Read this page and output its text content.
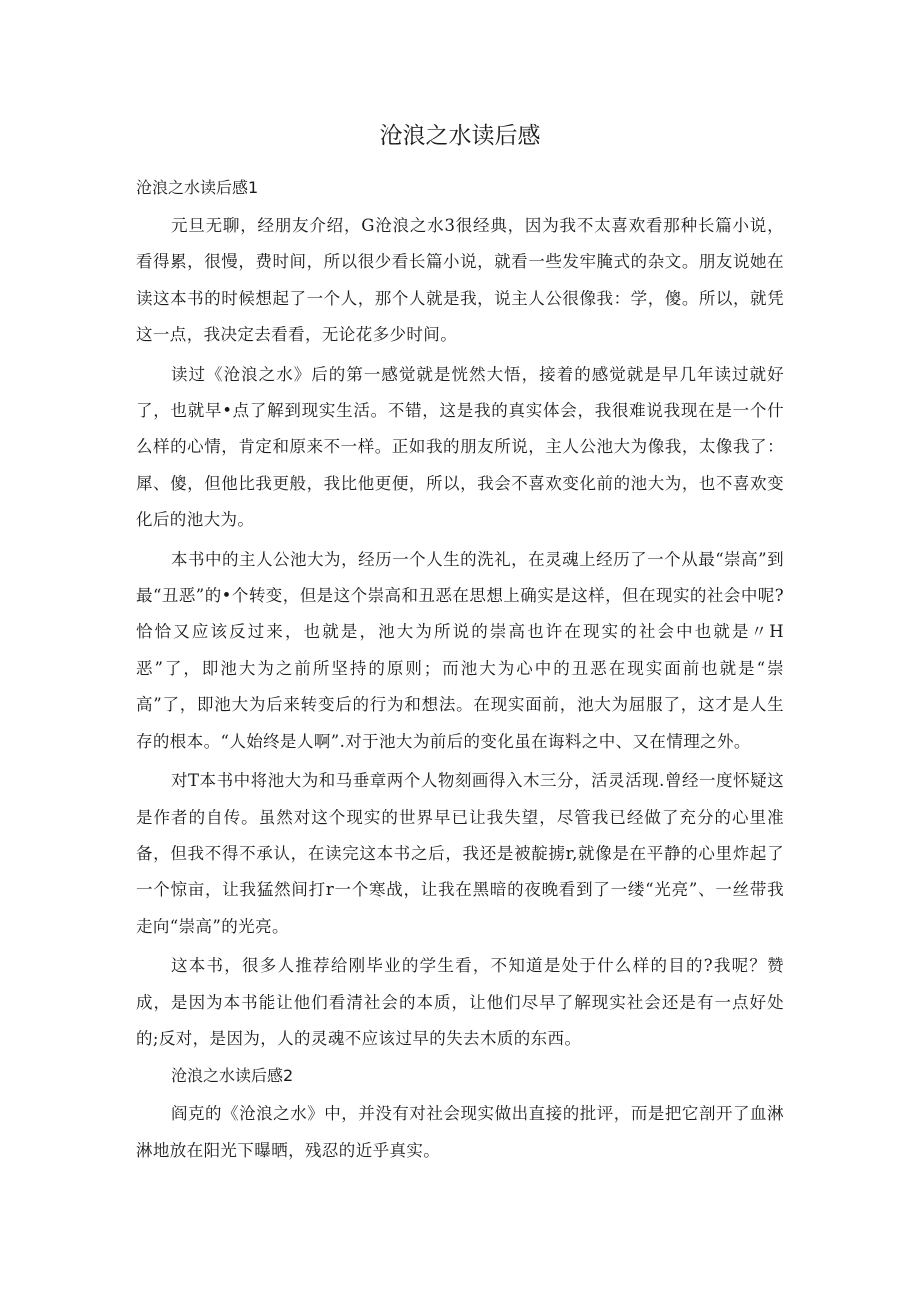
沧浪之水读后感
沧浪之水读后感1

元旦无聊，经朋友介绍，G沧浪之水3很经典，因为我不太喜欢看那种长篇小说，看得累，很慢，费时间，所以很少看长篇小说，就看一些发牢腌式的杂文。朋友说她在读这本书的时候想起了一个人，那个人就是我，说主人公很像我：学，傻。所以，就凭这一点，我决定去看看，无论花多少时间。

读过《沧浪之水》后的第一感觉就是恍然大悟，接着的感觉就是早几年读过就好了，也就早•点了解到现实生活。不错，这是我的真实体会，我很难说我现在是一个什么样的心情，肯定和原来不一样。正如我的朋友所说，主人公池大为像我，太像我了：犀、傻，但他比我更般，我比他更便，所以，我会不喜欢变化前的池大为，也不喜欢变化后的池大为。

本书中的主人公池大为，经历一个人生的洗礼，在灵魂上经历了一个从最“崇高”到最“丑恶”的•个转变，但是这个崇高和丑恶在思想上确实是这样，但在现实的社会中呢?恰恰又应该反过来，也就是，池大为所说的崇高也许在现实的社会中也就是〃H恶”了，即池大为之前所坚持的原则；而池大为心中的丑恶在现实面前也就是“崇高”了，即池大为后来转变后的行为和想法。在现实面前，池大为屈服了，这才是人生存的根本。“人始终是人啊”.对于池大为前后的变化虽在诲料之中、又在情理之外。

对T本书中将池大为和马垂章两个人物刻画得入木三分，活灵活现.曾经一度怀疑这是作者的自传。虽然对这个现实的世界早已让我失望，尽管我已经做了充分的心里准备，但我不得不承认，在读完这本书之后，我还是被靛掳r,就像是在平静的心里炸起了一个惊亩，让我猛然间打r一个寒战，让我在黑暗的夜晚看到了一缕“光亮”、一丝带我走向“崇高”的光亮。

这本书，很多人推荐给刚毕业的学生看，不知道是处于什么样的目的?我呢？赞成，是因为本书能让他们看清社会的本质，让他们尽早了解现实社会还是有一点好处的;反对，是因为，人的灵魂不应该过早的失去木质的东西。

沧浪之水读后感2

阎克的《沧浪之水》中，并没有对社会现实做出直接的批评，而是把它剖开了血淋淋地放在阳光下曝晒，残忍的近乎真实。
